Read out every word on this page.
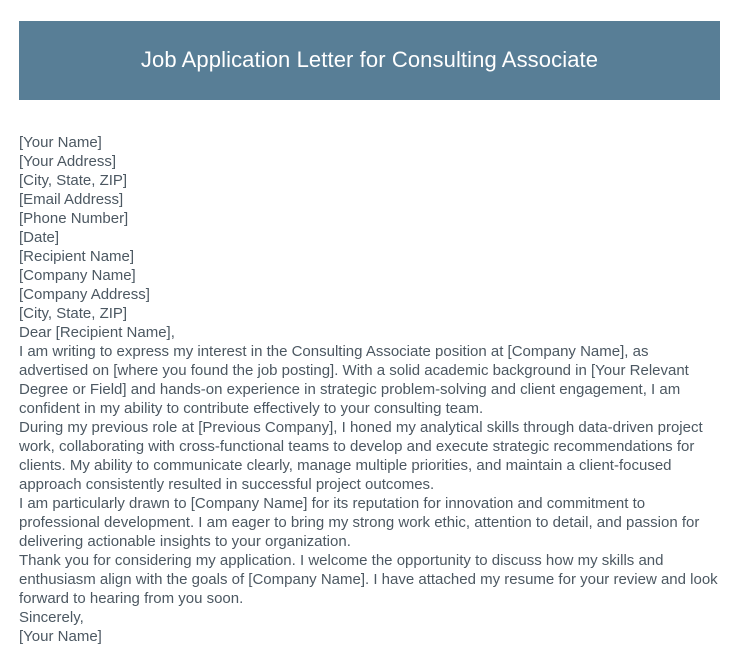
Job Application Letter for Consulting Associate
[Your Name]
[Your Address]
[City, State, ZIP]
[Email Address]
[Phone Number]
[Date]
[Recipient Name]
[Company Name]
[Company Address]
[City, State, ZIP]
Dear [Recipient Name],

I am writing to express my interest in the Consulting Associate position at [Company Name], as advertised on [where you found the job posting]. With a solid academic background in [Your Relevant Degree or Field] and hands-on experience in strategic problem-solving and client engagement, I am confident in my ability to contribute effectively to your consulting team.

During my previous role at [Previous Company], I honed my analytical skills through data-driven project work, collaborating with cross-functional teams to develop and execute strategic recommendations for clients. My ability to communicate clearly, manage multiple priorities, and maintain a client-focused approach consistently resulted in successful project outcomes.

I am particularly drawn to [Company Name] for its reputation for innovation and commitment to professional development. I am eager to bring my strong work ethic, attention to detail, and passion for delivering actionable insights to your organization.

Thank you for considering my application. I welcome the opportunity to discuss how my skills and enthusiasm align with the goals of [Company Name]. I have attached my resume for your review and look forward to hearing from you soon.

Sincerely,
[Your Name]
